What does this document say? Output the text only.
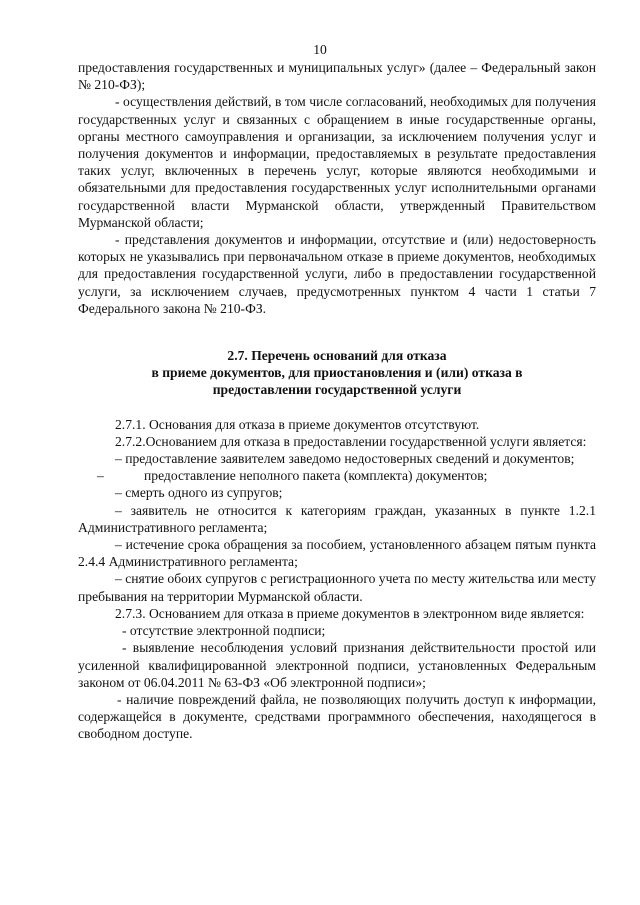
10

предоставления государственных и муниципальных услуг» (далее – Федеральный закон № 210-ФЗ);

- осуществления действий, в том числе согласований, необходимых для получения государственных услуг и связанных с обращением в иные государственные органы, органы местного самоуправления и организации, за исключением получения услуг и получения документов и информации, предоставляемых в результате предоставления таких услуг, включенных в перечень услуг, которые являются необходимыми и обязательными для предоставления государственных услуг исполнительными органами государственной власти Мурманской области, утвержденный Правительством Мурманской области;

- представления документов и информации, отсутствие и (или) недостоверность которых не указывались при первоначальном отказе в приеме документов, необходимых для предоставления государственной услуги, либо в предоставлении государственной услуги, за исключением случаев, предусмотренных пунктом 4 части 1 статьи 7 Федерального закона № 210-ФЗ.

2.7. Перечень оснований для отказа
в приеме документов, для приостановления и (или) отказа в
предоставлении государственной услуги

2.7.1. Основания для отказа в приеме документов отсутствуют.

2.7.2.Основанием для отказа в предоставлении государственной услуги является:

– предоставление заявителем заведомо недостоверных сведений и документов;

–	предоставление неполного пакета (комплекта) документов;

– смерть одного из супругов;

– заявитель не относится к категориям граждан, указанных в пункте 1.2.1 Административного регламента;

– истечение срока обращения за пособием, установленного абзацем пятым пункта 2.4.4 Административного регламента;

– снятие обоих супругов с регистрационного учета по месту жительства или месту пребывания на территории Мурманской области.

2.7.3. Основанием для отказа в приеме документов в электронном виде является:

- отсутствие электронной подписи;

- выявление несоблюдения условий признания действительности простой или усиленной квалифицированной электронной подписи, установленных Федеральным законом от 06.04.2011 № 63-ФЗ «Об электронной подписи»;

- наличие повреждений файла, не позволяющих получить доступ к информации, содержащейся в документе, средствами программного обеспечения, находящегося в свободном доступе.
